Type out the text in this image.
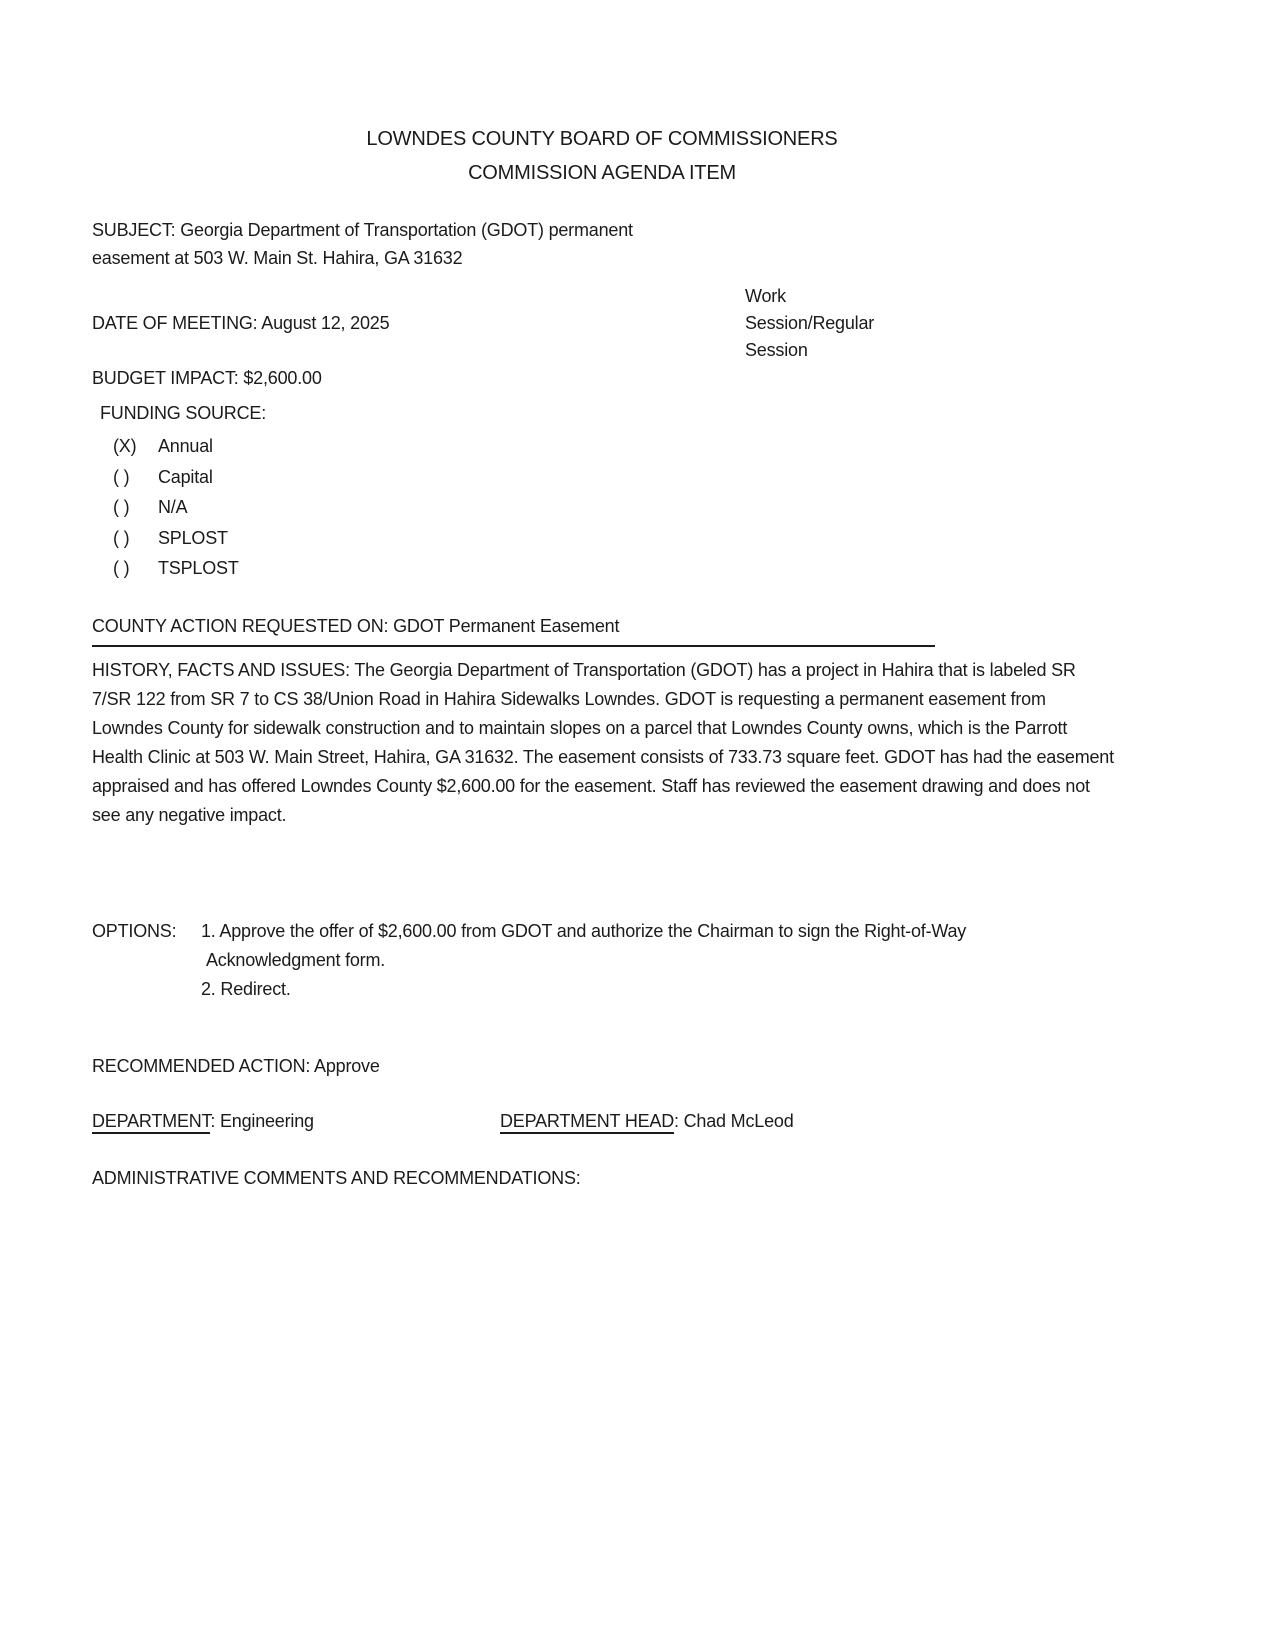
LOWNDES COUNTY BOARD OF COMMISSIONERS
COMMISSION AGENDA ITEM
SUBJECT: Georgia Department of Transportation (GDOT) permanent
easement at 503 W. Main St. Hahira, GA 31632
Work
Session/Regular
Session
DATE OF MEETING: August 12, 2025
BUDGET IMPACT: $2,600.00
FUNDING SOURCE:
(X) Annual
( ) Capital
( ) N/A
( ) SPLOST
( ) TSPLOST
COUNTY ACTION REQUESTED ON: GDOT Permanent Easement
HISTORY, FACTS AND ISSUES: The Georgia Department of Transportation (GDOT) has a project in Hahira that is labeled SR 7/SR 122 from SR 7 to CS 38/Union Road in Hahira Sidewalks Lowndes. GDOT is requesting a permanent easement from Lowndes County for sidewalk construction and to maintain slopes on a parcel that Lowndes County owns, which is the Parrott Health Clinic at 503 W. Main Street, Hahira, GA 31632. The easement consists of 733.73 square feet. GDOT has had the easement appraised and has offered Lowndes County $2,600.00 for the easement. Staff has reviewed the easement drawing and does not see any negative impact.
OPTIONS:	1. Approve the offer of $2,600.00 from GDOT and authorize the Chairman to sign the Right-of-Way
Acknowledgment form.
2. Redirect.
RECOMMENDED ACTION: Approve
DEPARTMENT: Engineering	DEPARTMENT HEAD: Chad McLeod
ADMINISTRATIVE COMMENTS AND RECOMMENDATIONS:
